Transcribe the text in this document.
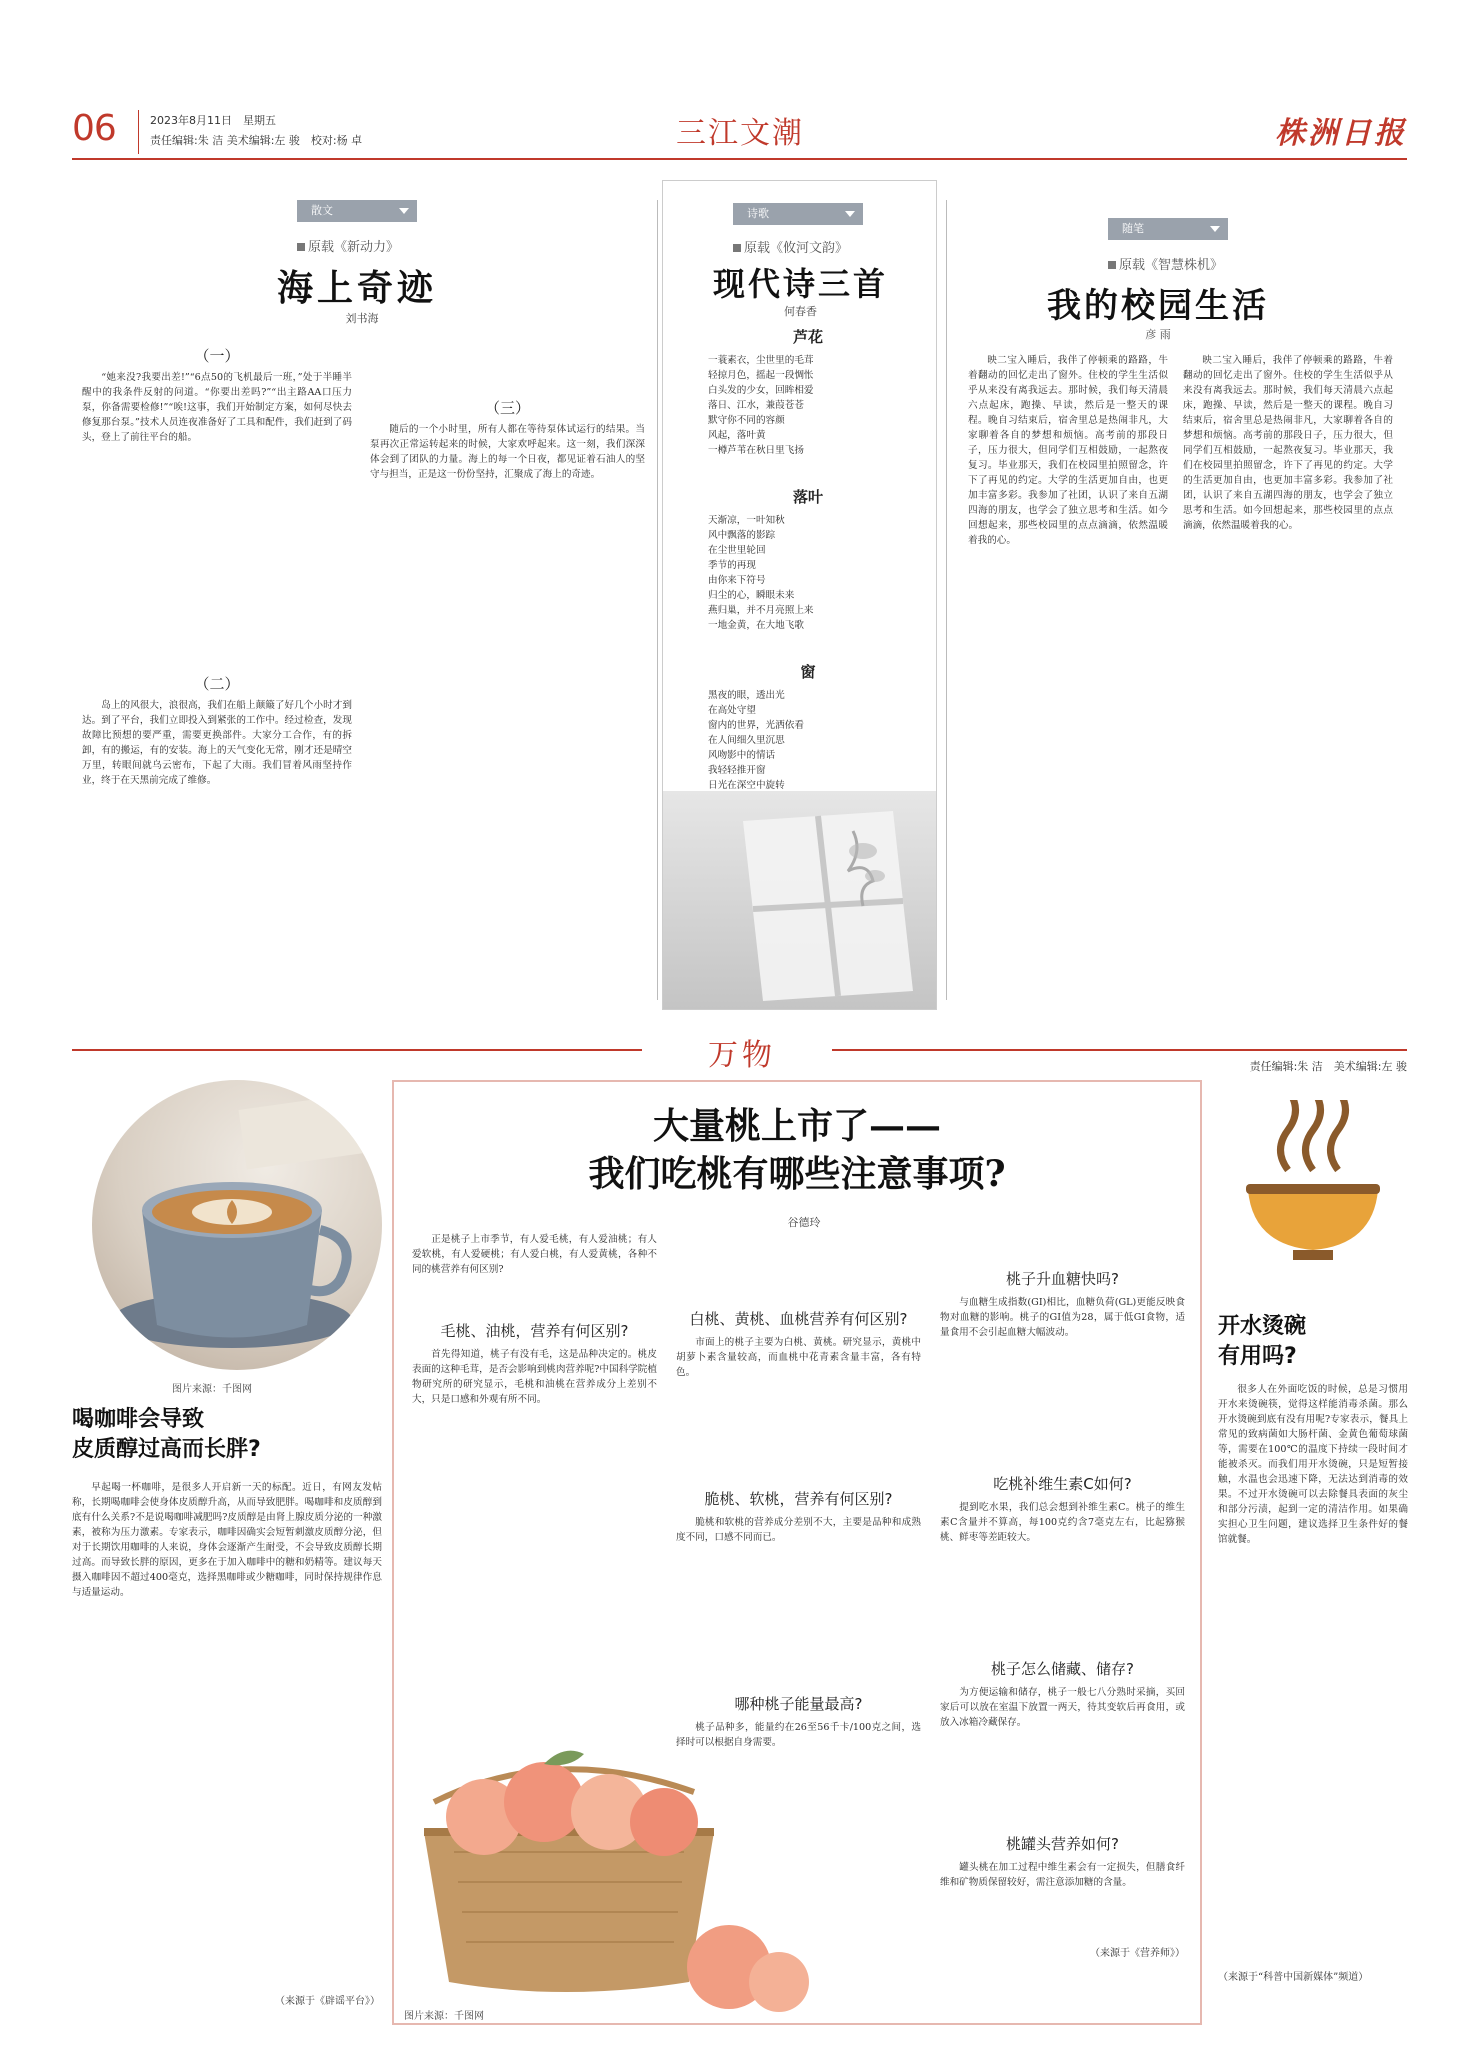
06	2023年8月11日　星期五
责任编辑:朱 洁 美术编辑:左 骏　校对:杨 卓	三江文潮	株洲日报
散文
原载《新动力》
海上奇迹
刘书海
（一）

“她来没?我要出差!”“6点50的飞机最后一班，”处于半睡半醒中的我条件反射的问道。“你要出差吗?”“出主路AA口压力泵，你备需要检修!”“唉!这事，我们开始制定方案，如何尽快去修复那台泵。”技术人员连夜准备好了工具和配件，我们赶到了码头，登上了前往平台的船。

（二）

岛上的风很大，浪很高，我们在船上颠簸了好几个小时才到达。到了平台，我们立即投入到紧张的工作中。经过检查，发现故障比预想的要严重，需要更换部件。大家分工合作，有的拆卸，有的搬运，有的安装。海上的天气变化无常，刚才还是晴空万里，转眼间就乌云密布，下起了大雨。我们冒着风雨坚持作业，终于在天黑前完成了维修。

（三）

随后的一个小时里，所有人都在等待泵体试运行的结果。当泵再次正常运转起来的时候，大家欢呼起来。这一刻，我们深深体会到了团队的力量。海上的每一个日夜，都见证着石油人的坚守与担当，正是这一份份坚持，汇聚成了海上的奇迹。

诗歌
原载《攸河文韵》
现代诗三首
何春香
芦花
一蓑素衣，尘世里的毛茸
轻掠月色，摇起一段惆怅
白头发的少女，回眸相爱
落日、江水，兼葭苍苍
默守你不同的容颜
风起，落叶黄
一樽芦苇在秋日里飞扬
落叶
天渐凉，一叶知秋
风中飘落的影踪
在尘世里轮回
季节的再现
由你来下符号
归尘的心，瞬眼未来
燕归巢，并不月亮照上来
一地金黄，在大地飞歌
窗
黑夜的眼，透出光
在高处守望
窗内的世界，光洒依看
在人间细久里沉思
风吻影中的情话
我轻轻推开窗
日光在深空中旋转
随笔
原载《智慧株机》
我的校园生活
彦 雨

映二宝入睡后，我伴了停顿乘的路路，牛着翻动的回忆走出了窗外。住校的学生生活似乎从来没有离我远去。那时候，我们每天清晨六点起床，跑操、早读，然后是一整天的课程。晚自习结束后，宿舍里总是热闹非凡，大家聊着各自的梦想和烦恼。高考前的那段日子，压力很大，但同学们互相鼓励，一起熬夜复习。毕业那天，我们在校园里拍照留念，许下了再见的约定。大学的生活更加自由，也更加丰富多彩。我参加了社团，认识了来自五湖四海的朋友，也学会了独立思考和生活。如今回想起来，那些校园里的点点滴滴，依然温暖着我的心。

映二宝入睡后，我伴了停顿乘的路路，牛着翻动的回忆走出了窗外。住校的学生生活似乎从来没有离我远去。那时候，我们每天清晨六点起床，跑操、早读，然后是一整天的课程。晚自习结束后，宿舍里总是热闹非凡，大家聊着各自的梦想和烦恼。高考前的那段日子，压力很大，但同学们互相鼓励，一起熬夜复习。毕业那天，我们在校园里拍照留念，许下了再见的约定。大学的生活更加自由，也更加丰富多彩。我参加了社团，认识了来自五湖四海的朋友，也学会了独立思考和生活。如今回想起来，那些校园里的点点滴滴，依然温暖着我的心。

万物	责任编辑:朱 洁　美术编辑:左 骏
图片来源：千图网
喝咖啡会导致
皮质醇过高而长胖?

早起喝一杯咖啡，是很多人开启新一天的标配。近日，有网友发帖称，长期喝咖啡会使身体皮质醇升高，从而导致肥胖。喝咖啡和皮质醇到底有什么关系?不是说喝咖啡减肥吗?皮质醇是由肾上腺皮质分泌的一种激素，被称为压力激素。专家表示，咖啡因确实会短暂刺激皮质醇分泌，但对于长期饮用咖啡的人来说，身体会逐渐产生耐受，不会导致皮质醇长期过高。而导致长胖的原因，更多在于加入咖啡中的糖和奶精等。建议每天摄入咖啡因不超过400毫克，选择黑咖啡或少糖咖啡，同时保持规律作息与适量运动。

（来源于《辟谣平台》）
大量桃上市了——
我们吃桃有哪些注意事项?
谷德玲

正是桃子上市季节，有人爱毛桃，有人爱油桃；有人爱软桃，有人爱硬桃；有人爱白桃，有人爱黄桃，各种不同的桃营养有何区别?

毛桃、油桃，营养有何区别?

首先得知道，桃子有没有毛，这是品种决定的。桃皮表面的这种毛茸，是否会影响到桃肉营养呢?中国科学院植物研究所的研究显示，毛桃和油桃在营养成分上差别不大，只是口感和外观有所不同。

图片来源：千图网
白桃、黄桃、血桃营养有何区别?

市面上的桃子主要为白桃、黄桃。研究显示，黄桃中胡萝卜素含量较高，而血桃中花青素含量丰富，各有特色。

脆桃、软桃，营养有何区别?

脆桃和软桃的营养成分差别不大，主要是品种和成熟度不同，口感不同而已。

哪种桃子能量最高?

桃子品种多，能量约在26至56千卡/100克之间，选择时可以根据自身需要。

桃子升血糖快吗?

与血糖生成指数(GI)相比，血糖负荷(GL)更能反映食物对血糖的影响。桃子的GI值为28，属于低GI食物，适量食用不会引起血糖大幅波动。

吃桃补维生素C如何?

提到吃水果，我们总会想到补维生素C。桃子的维生素C含量并不算高，每100克约含7毫克左右，比起猕猴桃、鲜枣等差距较大。

桃子怎么储藏、储存?

为方便运输和储存，桃子一般七八分熟时采摘，买回家后可以放在室温下放置一两天，待其变软后再食用，或放入冰箱冷藏保存。

桃罐头营养如何?

罐头桃在加工过程中维生素会有一定损失，但膳食纤维和矿物质保留较好，需注意添加糖的含量。

（来源于《营养师》）
开水烫碗
有用吗?

很多人在外面吃饭的时候，总是习惯用开水来烫碗筷，觉得这样能消毒杀菌。那么开水烫碗到底有没有用呢?专家表示，餐具上常见的致病菌如大肠杆菌、金黄色葡萄球菌等，需要在100℃的温度下持续一段时间才能被杀灭。而我们用开水烫碗，只是短暂接触，水温也会迅速下降，无法达到消毒的效果。不过开水烫碗可以去除餐具表面的灰尘和部分污渍，起到一定的清洁作用。如果确实担心卫生问题，建议选择卫生条件好的餐馆就餐。

（来源于“科普中国新媒体”频道）
